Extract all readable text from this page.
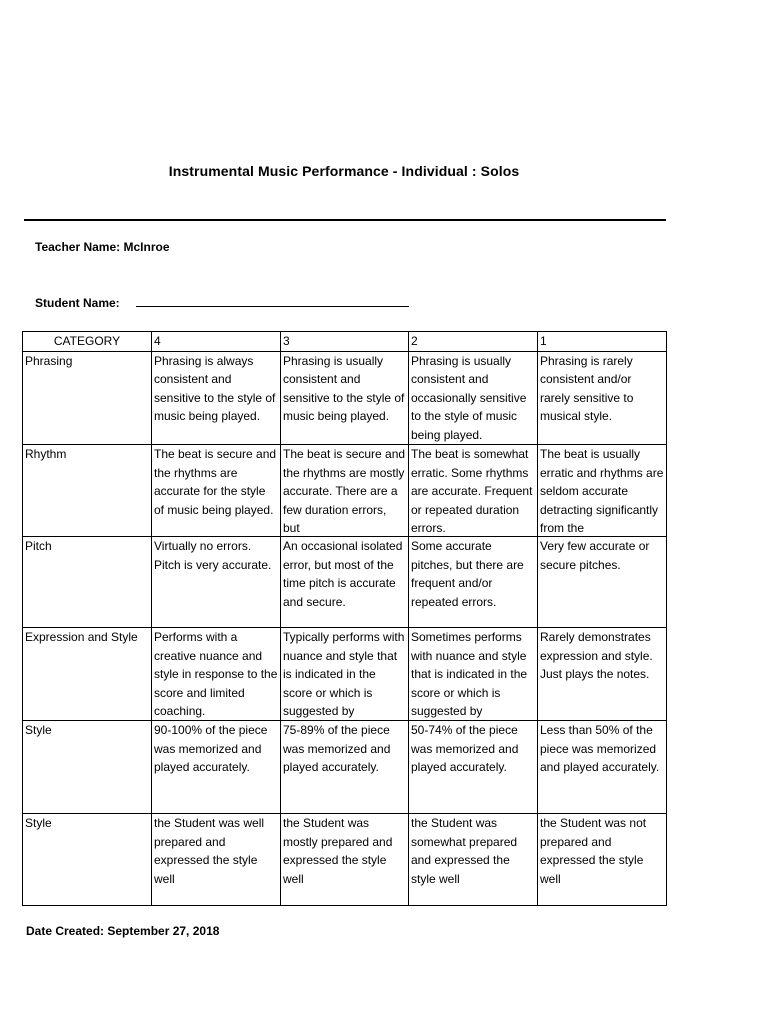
Instrumental Music Performance - Individual : Solos
Teacher Name: McInroe
Student Name:
CATEGORY	4	3	2	1
Phrasing	Phrasing is always consistent and sensitive to the style of music being played.	Phrasing is usually consistent and sensitive to the style of music being played.	Phrasing is usually consistent and occasionally sensitive to the style of music being played.	Phrasing is rarely consistent and/or rarely sensitive to musical style.

Rhythm	The beat is secure and the rhythms are accurate for the style of music being played.	The beat is secure and the rhythms are mostly accurate. There are a few duration errors, but	The beat is somewhat erratic. Some rhythms are accurate. Frequent or repeated duration errors.	The beat is usually erratic and rhythms are seldom accurate detracting significantly from the

Pitch	Virtually no errors. Pitch is very accurate.	An occasional isolated error, but most of the time pitch is accurate and secure.	Some accurate pitches, but there are frequent and/or repeated errors.	Very few accurate or secure pitches.

Expression and Style	Performs with a creative nuance and style in response to the score and limited coaching.	Typically performs with nuance and style that is indicated in the score or which is suggested by	Sometimes performs with nuance and style that is indicated in the score or which is suggested by	Rarely demonstrates expression and style. Just plays the notes.

Style	90-100% of the piece was memorized and played accurately.	75-89% of the piece was memorized and played accurately.	50-74% of the piece was memorized and played accurately.	Less than 50% of the piece was memorized and played accurately.
Style	the Student was well prepared and expressed the style well	the Student was mostly prepared and expressed the style well	the Student was somewhat prepared and expressed the style well	the Student was not prepared and expressed the style well
Date Created: September 27, 2018
